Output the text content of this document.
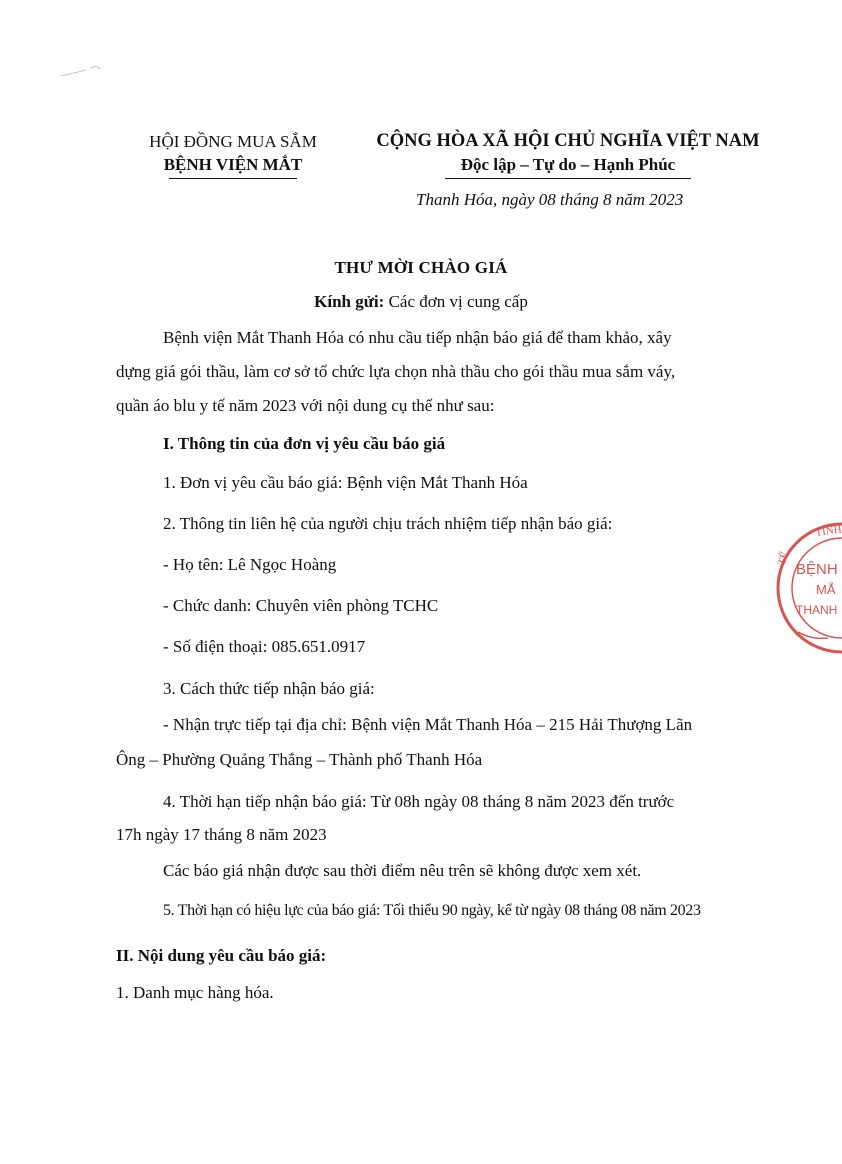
HỘI ĐỒNG MUA SẮM
BỆNH VIỆN MẮT
CỘNG HÒA XÃ HỘI CHỦ NGHĨA VIỆT NAM
Độc lập – Tự do – Hạnh Phúc
Thanh Hóa, ngày 08 tháng 8 năm 2023
THƯ MỜI CHÀO GIÁ
Kính gửi: Các đơn vị cung cấp
Bệnh viện Mắt Thanh Hóa có nhu cầu tiếp nhận báo giá để tham khảo, xây
dựng giá gói thầu, làm cơ sở tổ chức lựa chọn nhà thầu cho gói thầu mua sắm váy,
quần áo blu y tế năm 2023 với nội dung cụ thể như sau:
I. Thông tin của đơn vị yêu cầu báo giá
1. Đơn vị yêu cầu báo giá: Bệnh viện Mắt Thanh Hóa
2. Thông tin liên hệ của người chịu trách nhiệm tiếp nhận báo giá:
- Họ tên: Lê Ngọc Hoàng
- Chức danh: Chuyên viên phòng TCHC
- Số điện thoại: 085.651.0917
3. Cách thức tiếp nhận báo giá:
- Nhận trực tiếp tại địa chỉ: Bệnh viện Mắt Thanh Hóa – 215 Hải Thượng Lãn
Ông – Phường Quảng Thắng – Thành phố Thanh Hóa
4. Thời hạn tiếp nhận báo giá: Từ 08h ngày 08 tháng 8 năm 2023 đến trước
17h ngày 17 tháng 8 năm 2023
Các báo giá nhận được sau thời điểm nêu trên sẽ không được xem xét.
5. Thời hạn có hiệu lực của báo giá: Tối thiểu 90 ngày, kể từ ngày 08 tháng 08 năm 2023
II. Nội dung yêu cầu báo giá:
1. Danh mục hàng hóa.
TỈNH
TẾ
BỆNH
MẮ
THANH
